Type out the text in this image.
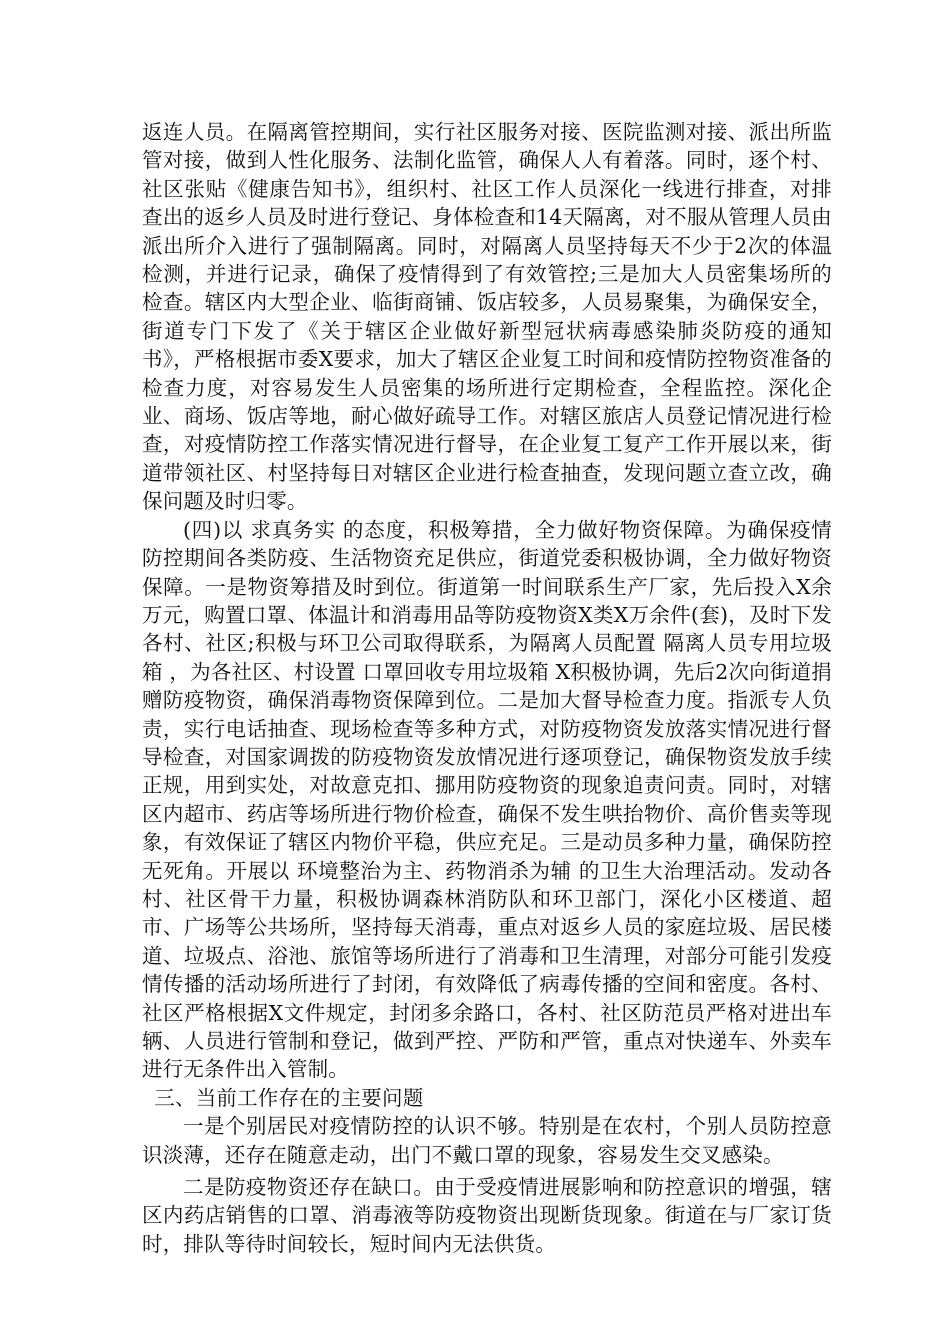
返连人员。在隔离管控期间，实行社区服务对接、医院监测对接、派出所监管对接，做到人性化服务、法制化监管，确保人人有着落。同时，逐个村、社区张贴《健康告知书》，组织村、社区工作人员深化一线进行排查，对排查出的返乡人员及时进行登记、身体检查和14天隔离，对不服从管理人员由派出所介入进行了强制隔离。同时，对隔离人员坚持每天不少于2次的体温检测，并进行记录，确保了疫情得到了有效管控;三是加大人员密集场所的检查。辖区内大型企业、临街商铺、饭店较多，人员易聚集，为确保安全，街道专门下发了《关于辖区企业做好新型冠状病毒感染肺炎防疫的通知书》，严格根据市委X要求，加大了辖区企业复工时间和疫情防控物资准备的检查力度，对容易发生人员密集的场所进行定期检查，全程监控。深化企业、商场、饭店等地，耐心做好疏导工作。对辖区旅店人员登记情况进行检查，对疫情防控工作落实情况进行督导，在企业复工复产工作开展以来，街道带领社区、村坚持每日对辖区企业进行检查抽查，发现问题立查立改，确保问题及时归零。

(四)以 求真务实 的态度，积极筹措，全力做好物资保障。为确保疫情防控期间各类防疫、生活物资充足供应，街道党委积极协调，全力做好物资保障。一是物资筹措及时到位。街道第一时间联系生产厂家，先后投入X余万元，购置口罩、体温计和消毒用品等防疫物资X类X万余件(套)，及时下发各村、社区;积极与环卫公司取得联系，为隔离人员配置 隔离人员专用垃圾箱 ，为各社区、村设置 口罩回收专用垃圾箱 X积极协调，先后2次向街道捐赠防疫物资，确保消毒物资保障到位。二是加大督导检查力度。指派专人负责，实行电话抽查、现场检查等多种方式，对防疫物资发放落实情况进行督导检查，对国家调拨的防疫物资发放情况进行逐项登记，确保物资发放手续正规，用到实处，对故意克扣、挪用防疫物资的现象追责问责。同时，对辖区内超市、药店等场所进行物价检查，确保不发生哄抬物价、高价售卖等现象，有效保证了辖区内物价平稳，供应充足。三是动员多种力量，确保防控无死角。开展以 环境整治为主、药物消杀为辅 的卫生大治理活动。发动各村、社区骨干力量，积极协调森林消防队和环卫部门，深化小区楼道、超市、广场等公共场所，坚持每天消毒，重点对返乡人员的家庭垃圾、居民楼道、垃圾点、浴池、旅馆等场所进行了消毒和卫生清理，对部分可能引发疫情传播的活动场所进行了封闭，有效降低了病毒传播的空间和密度。各村、社区严格根据X文件规定，封闭多余路口，各村、社区防范员严格对进出车辆、人员进行管制和登记，做到严控、严防和严管，重点对快递车、外卖车进行无条件出入管制。

三、当前工作存在的主要问题

一是个别居民对疫情防控的认识不够。特别是在农村，个别人员防控意识淡薄，还存在随意走动，出门不戴口罩的现象，容易发生交叉感染。

二是防疫物资还存在缺口。由于受疫情进展影响和防控意识的增强，辖区内药店销售的口罩、消毒液等防疫物资出现断货现象。街道在与厂家订货时，排队等待时间较长，短时间内无法供货。
